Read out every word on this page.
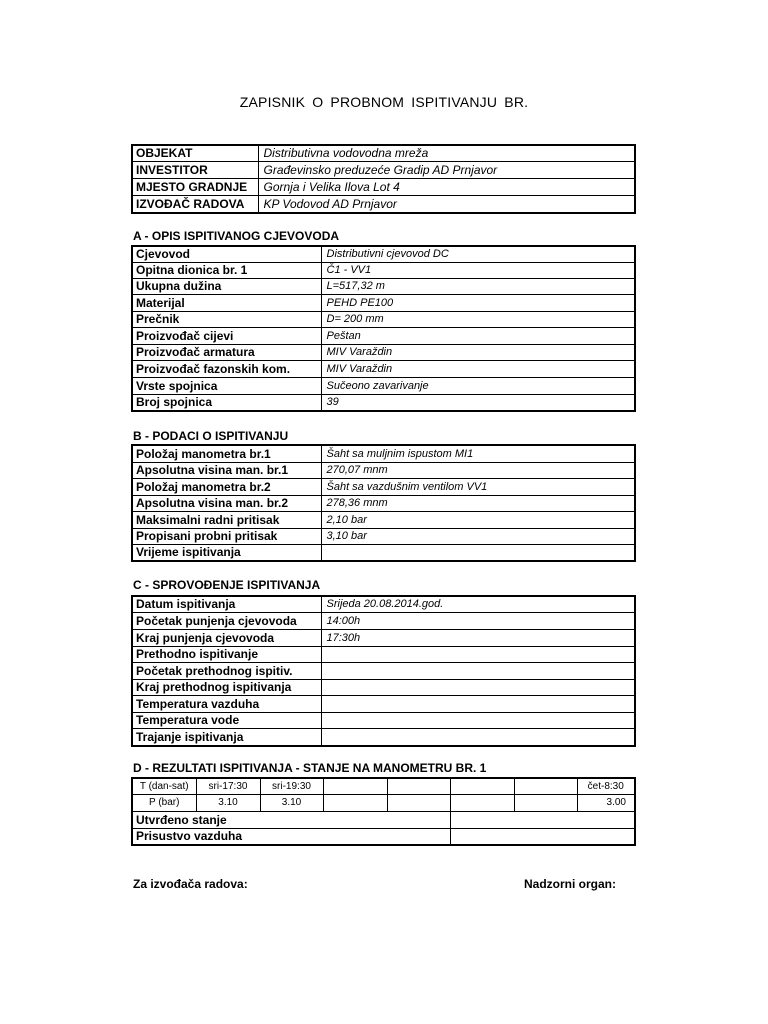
ZAPISNIK O PROBNOM ISPITIVANJU BR.
OBJEKAT	Distributivna vodovodna mreža
INVESTITOR	Građevinsko preduzeće Gradip AD Prnjavor
MJESTO GRADNJE	Gornja i Velika Ilova Lot 4
IZVOĐAČ RADOVA	KP Vodovod AD Prnjavor
A - OPIS ISPITIVANOG CJEVOVODA
Cjevovod	Distributivni cjevovod DC
Opitna dionica br. 1	Č1 - VV1
Ukupna dužina	L=517,32 m
Materijal	PEHD PE100
Prečnik	D= 200 mm
Proizvođač cijevi	Peštan
Proizvođač armatura	MIV Varaždin
Proizvođač fazonskih kom.	MIV Varaždin
Vrste spojnica	Sučeono zavarivanje
Broj spojnica	39
B - PODACI O ISPITIVANJU
Položaj manometra br.1	Šaht sa muljnim ispustom MI1
Apsolutna visina man. br.1	270,07 mnm
Položaj manometra br.2	Šaht sa vazdušnim ventilom VV1
Apsolutna visina man. br.2	278,36 mnm
Maksimalni radni pritisak	2,10 bar
Propisani probni pritisak	3,10 bar
Vrijeme ispitivanja	
C - SPROVOĐENJE ISPITIVANJA
Datum ispitivanja	Srijeda 20.08.2014.god.
Početak punjenja cjevovoda	14:00h
Kraj punjenja cjevovoda	17:30h
Prethodno ispitivanje	
Početak prethodnog ispitiv.	
Kraj prethodnog ispitivanja	
Temperatura vazduha	
Temperatura vode	
Trajanje ispitivanja	
D - REZULTATI ISPITIVANJA - STANJE NA MANOMETRU BR. 1
T (dan-sat)	sri-17:30	sri-19:30					čet-8:30
P (bar)	3.10	3.10					3.00
Utvrđeno stanje							
Prisustvo vazduha							
Za izvođača radova:	Nadzorni organ:
